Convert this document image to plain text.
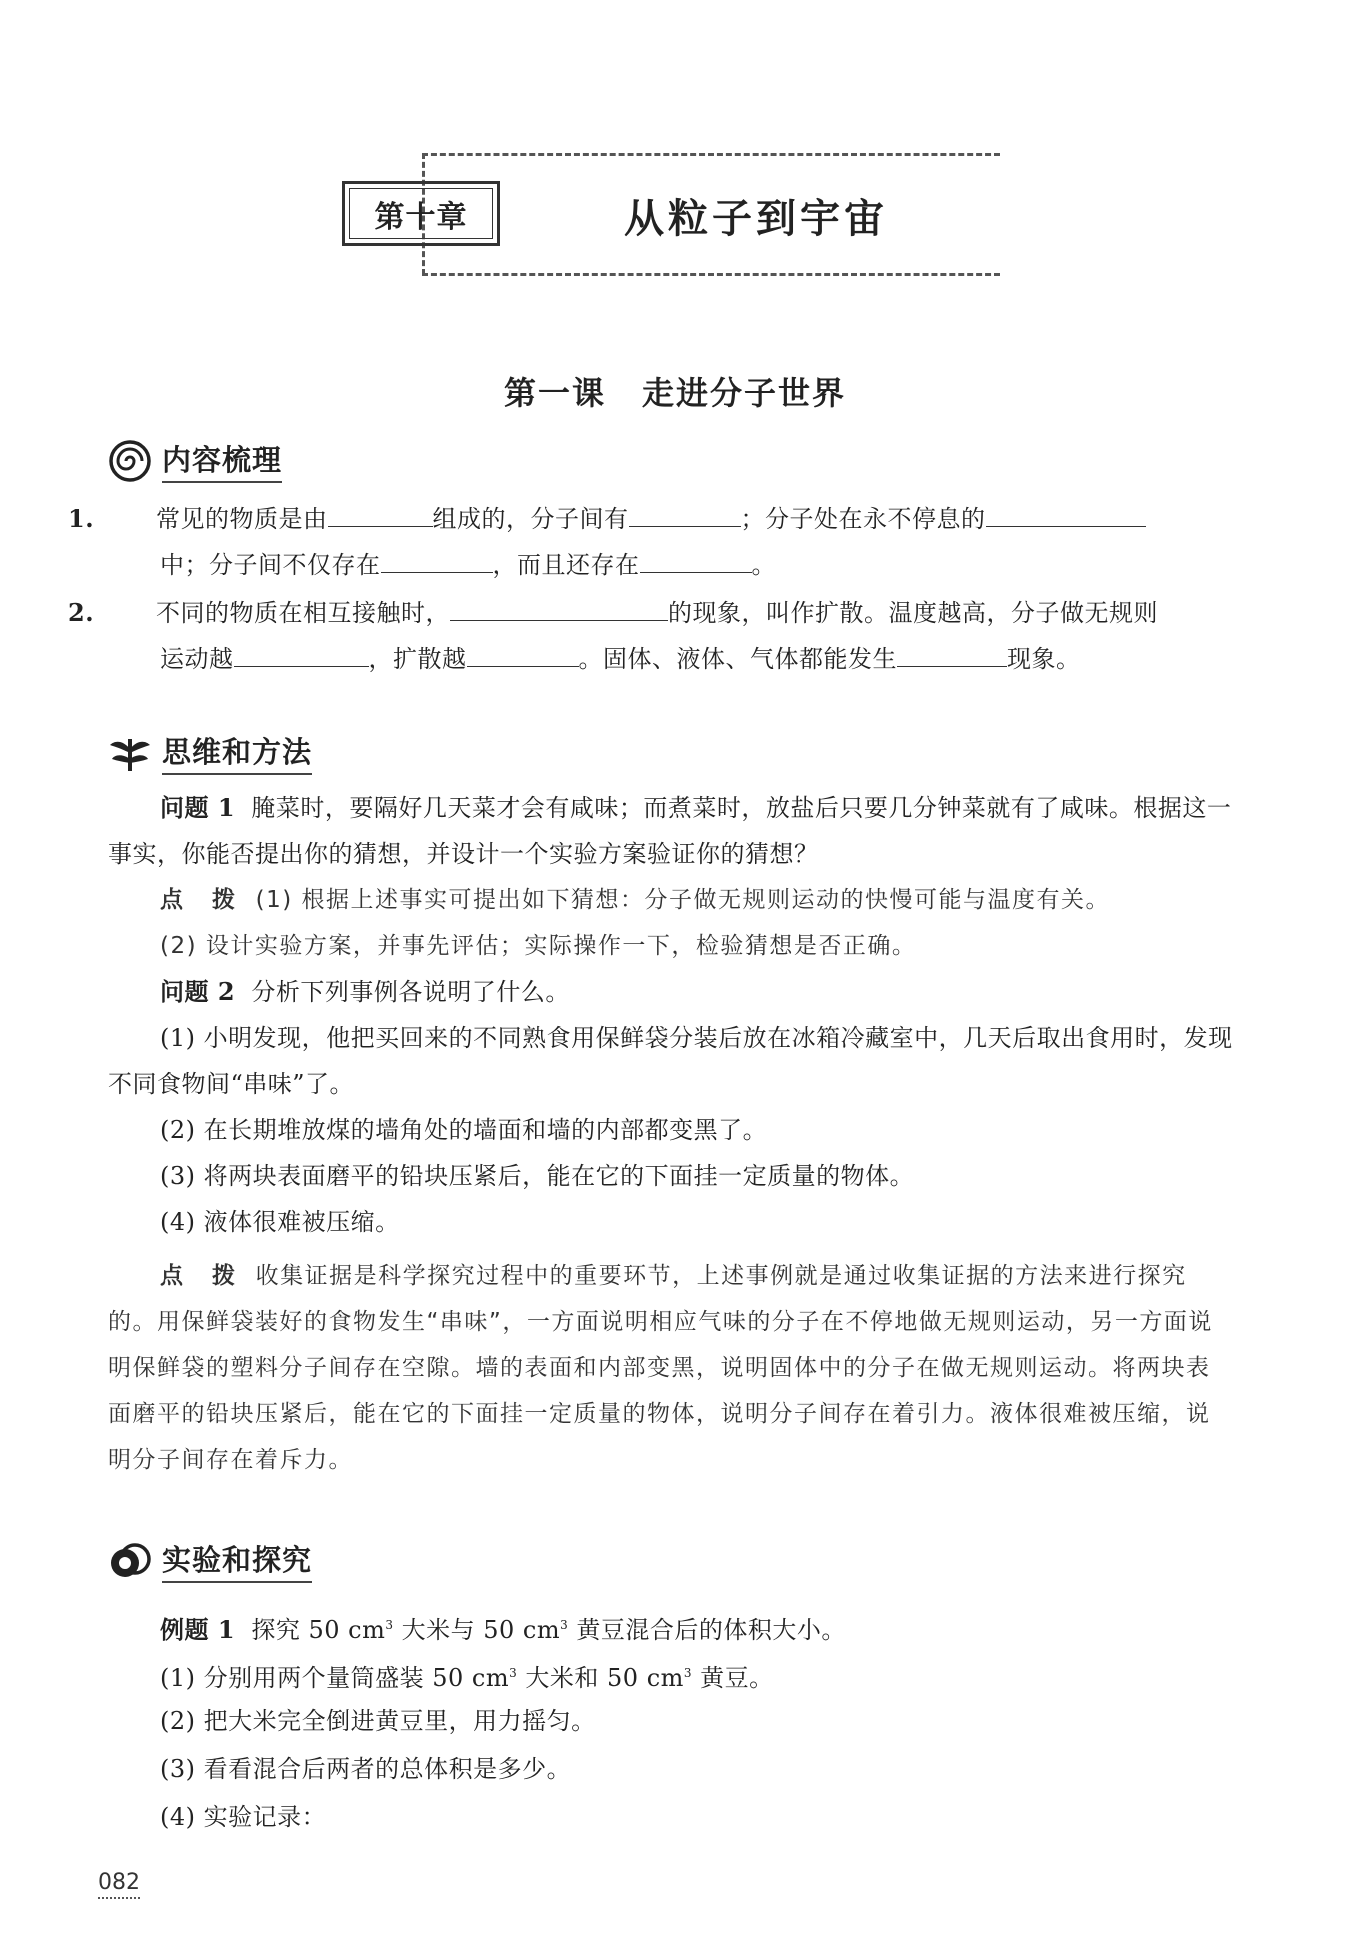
第十章	从粒子到宇宙
第一课 走进分子世界
内容梳理
1.	常见的物质是由	组成的，分子间有	；分子处在永不停息的
中；分子间不仅存在	，而且还存在	。
2.	不同的物质在相互接触时，	的现象，叫作扩散。温度越高，分子做无规则
运动越	，扩散越	。固体、液体、气体都能发生	现象。
思维和方法
问题 1 腌菜时，要隔好几天菜才会有咸味；而煮菜时，放盐后只要几分钟菜就有了咸味。根据这一事实，你能否提出你的猜想，并设计一个实验方案验证你的猜想？
点　拨 (1) 根据上述事实可提出如下猜想：分子做无规则运动的快慢可能与温度有关。
(2) 设计实验方案，并事先评估；实际操作一下，检验猜想是否正确。
问题 2 分析下列事例各说明了什么。
(1) 小明发现，他把买回来的不同熟食用保鲜袋分装后放在冰箱冷藏室中，几天后取出食用时，发现不同食物间“串味”了。
(2) 在长期堆放煤的墙角处的墙面和墙的内部都变黑了。
(3) 将两块表面磨平的铅块压紧后，能在它的下面挂一定质量的物体。
(4) 液体很难被压缩。
点　拨 收集证据是科学探究过程中的重要环节，上述事例就是通过收集证据的方法来进行探究的。用保鲜袋装好的食物发生“串味”，一方面说明相应气味的分子在不停地做无规则运动，另一方面说明保鲜袋的塑料分子间存在空隙。墙的表面和内部变黑，说明固体中的分子在做无规则运动。将两块表面磨平的铅块压紧后，能在它的下面挂一定质量的物体，说明分子间存在着引力。液体很难被压缩，说明分子间存在着斥力。
实验和探究
例题 1 探究 50 $cm^3$ 大米与 50 $cm^3$ 黄豆混合后的体积大小。
(1) 分别用两个量筒盛装 50 $cm^3$ 大米和 50 $cm^3$ 黄豆。
(2) 把大米完全倒进黄豆里，用力摇匀。
(3) 看看混合后两者的总体积是多少。
(4) 实验记录：
082
